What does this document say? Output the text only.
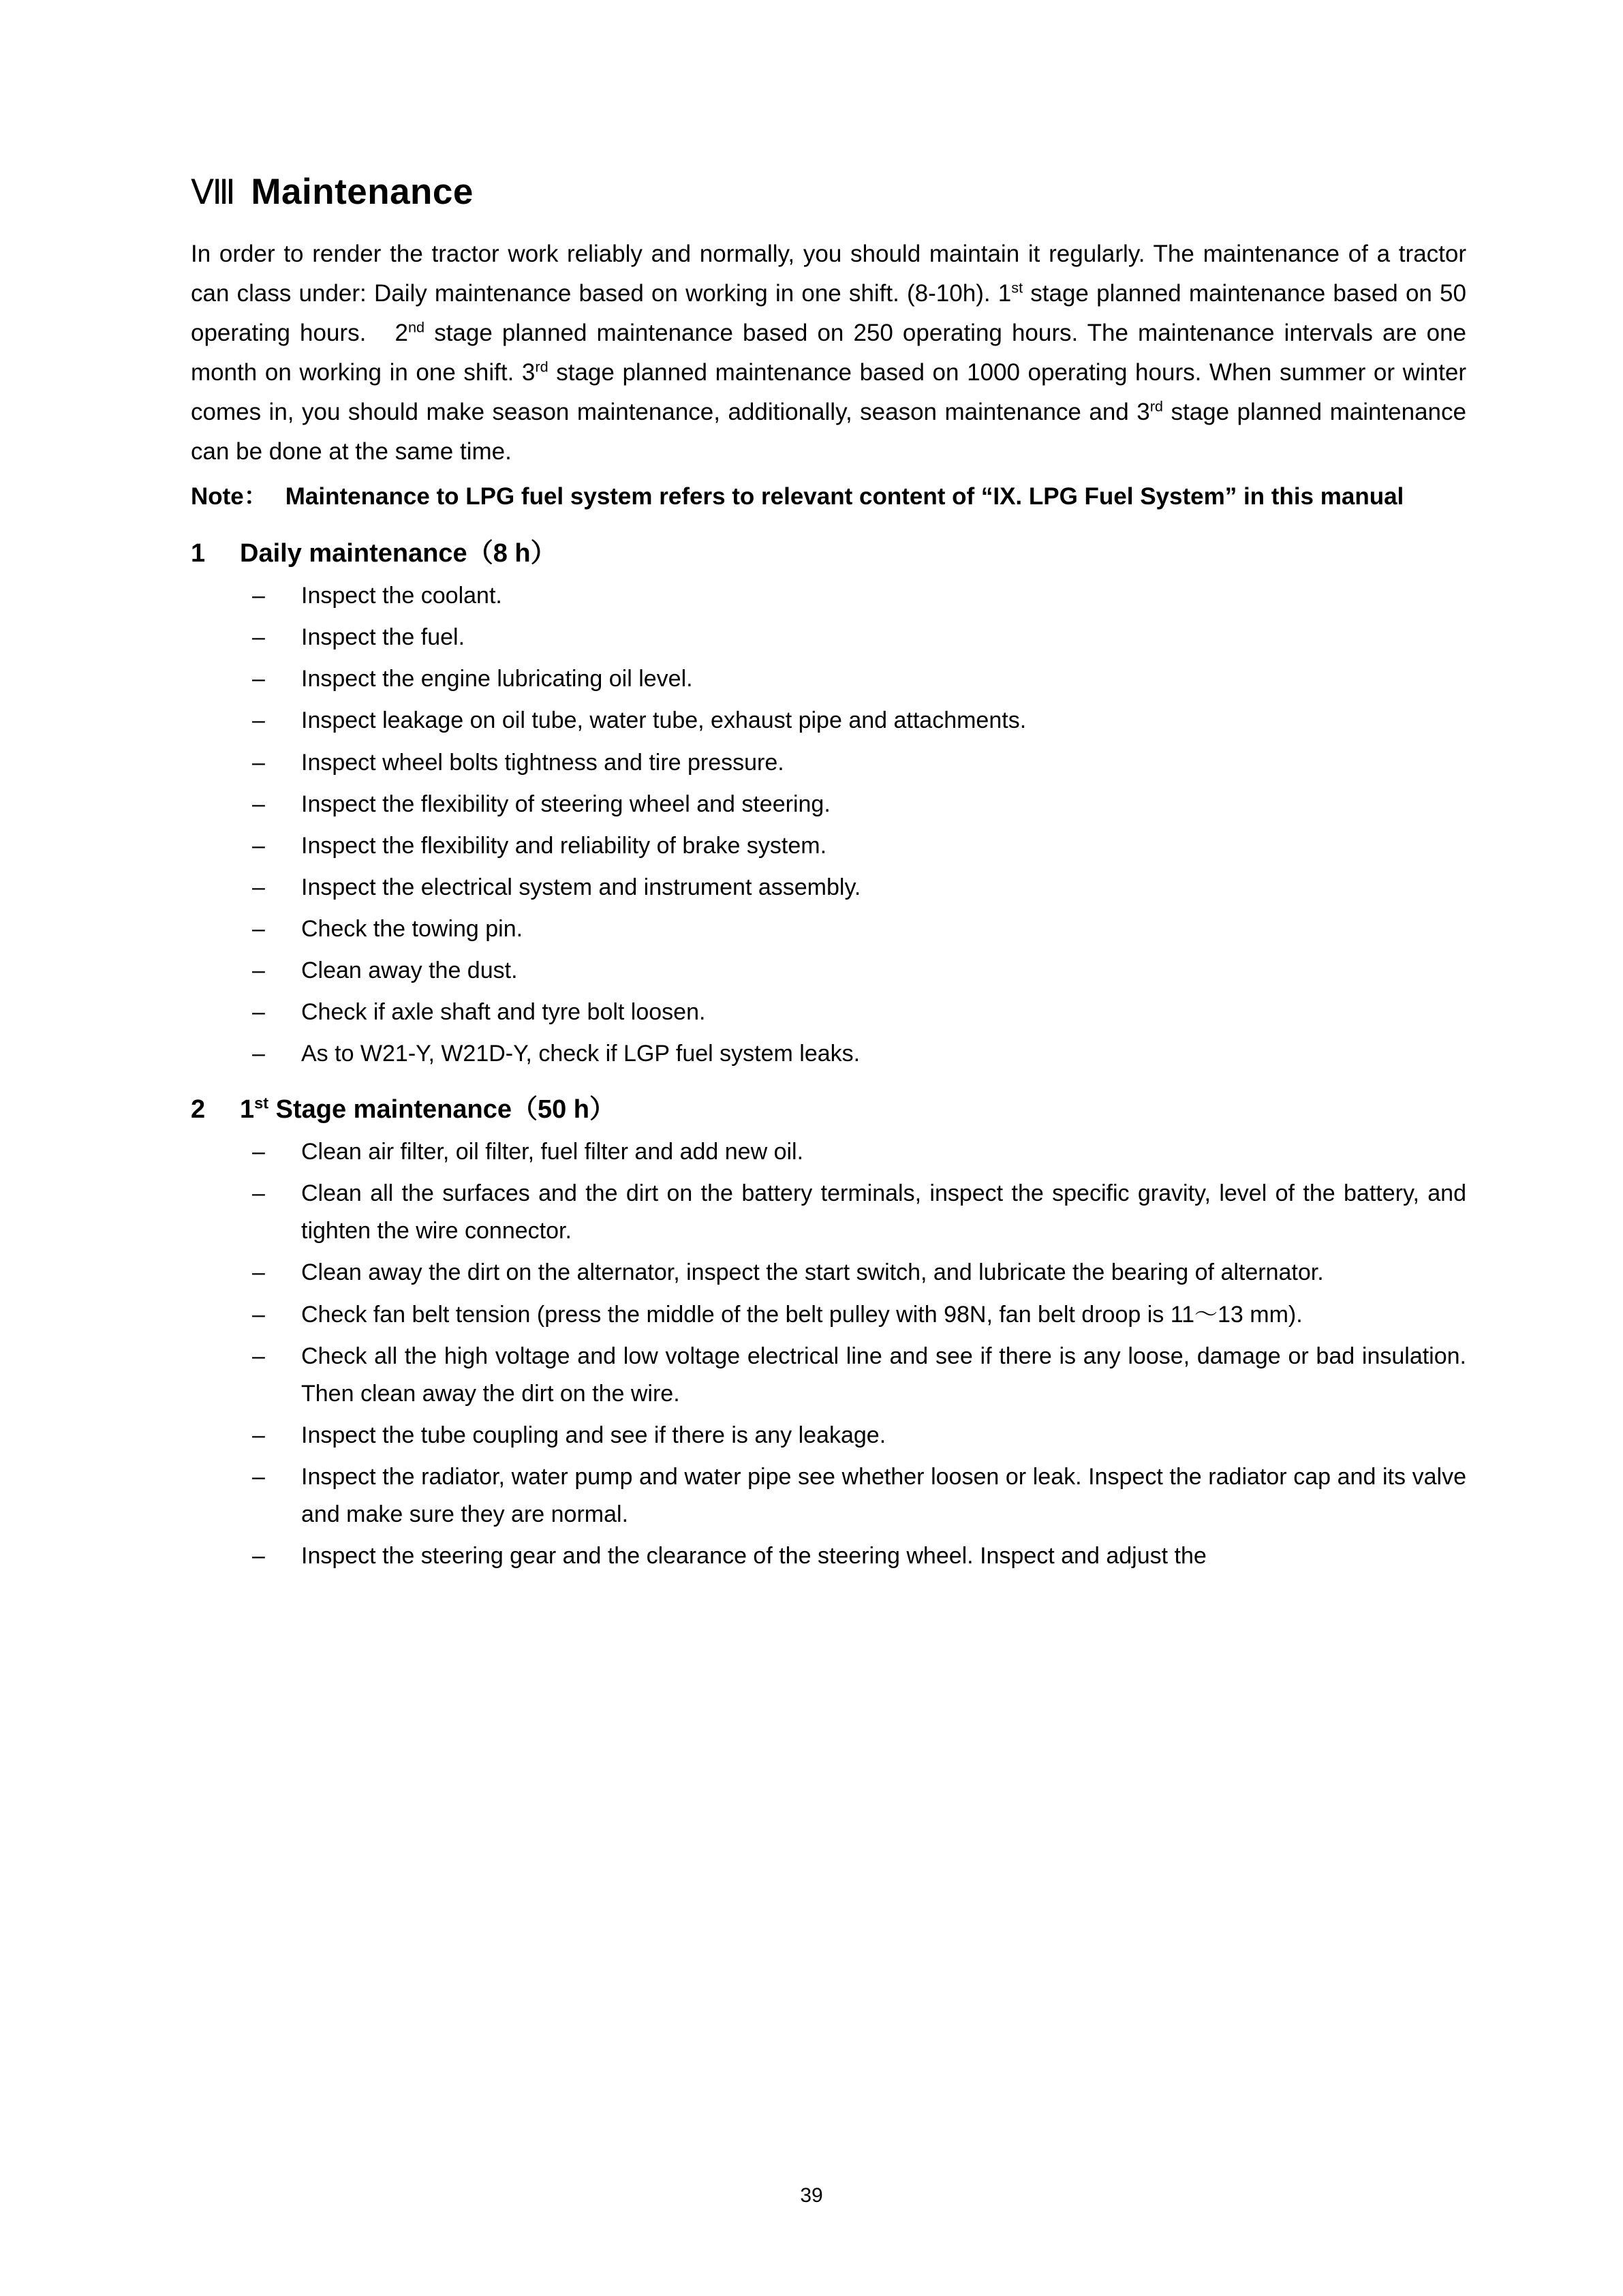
Ⅷ Maintenance

In order to render the tractor work reliably and normally, you should maintain it regularly. The maintenance of a tractor can class under: Daily maintenance based on working in one shift. (8-10h). 1st stage planned maintenance based on 50 operating hours.   2nd stage planned maintenance based on 250 operating hours. The maintenance intervals are one month on working in one shift. 3rd stage planned maintenance based on 1000 operating hours. When summer or winter comes in, you should make season maintenance, additionally, season maintenance and 3rd stage planned maintenance can be done at the same time.

Note： Maintenance to LPG fuel system refers to relevant content of “IX. LPG Fuel System” in this manual

1	Daily maintenance（8 h）
–	Inspect the coolant.
–	Inspect the fuel.
–	Inspect the engine lubricating oil level.
–	Inspect leakage on oil tube, water tube, exhaust pipe and attachments.
–	Inspect wheel bolts tightness and tire pressure.
–	Inspect the flexibility of steering wheel and steering.
–	Inspect the flexibility and reliability of brake system.
–	Inspect the electrical system and instrument assembly.
–	Check the towing pin.
–	Clean away the dust.
–	Check if axle shaft and tyre bolt loosen.
–	As to W21-Y, W21D-Y, check if LGP fuel system leaks.
2	1st Stage maintenance（50 h）
–	Clean air filter, oil filter, fuel filter and add new oil.
–	Clean all the surfaces and the dirt on the battery terminals, inspect the specific gravity, level of the battery, and tighten the wire connector.
–	Clean away the dirt on the alternator, inspect the start switch, and lubricate the bearing of alternator.
–	Check fan belt tension (press the middle of the belt pulley with 98N, fan belt droop is 11～13 mm).
–	Check all the high voltage and low voltage electrical line and see if there is any loose, damage or bad insulation. Then clean away the dirt on the wire.
–	Inspect the tube coupling and see if there is any leakage.
–	Inspect the radiator, water pump and water pipe see whether loosen or leak. Inspect the radiator cap and its valve and make sure they are normal.
–	Inspect the steering gear and the clearance of the steering wheel. Inspect and adjust the
39
